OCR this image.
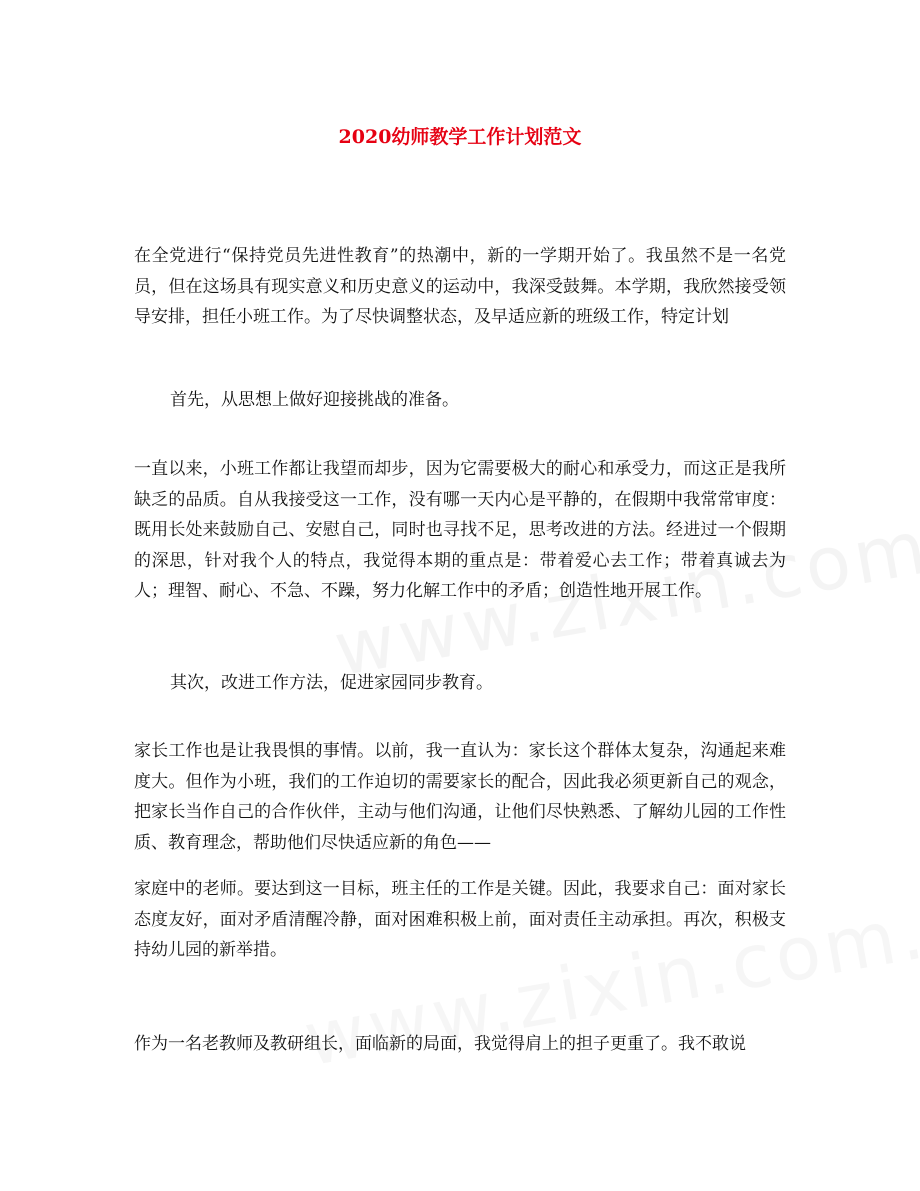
2020幼师教学工作计划范文

在全党进行“保持党员先进性教育”的热潮中，新的一学期开始了。我虽然不是一名党员，但在这场具有现实意义和历史意义的运动中，我深受鼓舞。本学期，我欣然接受领导安排，担任小班工作。为了尽快调整状态，及早适应新的班级工作，特定计划

首先，从思想上做好迎接挑战的准备。

一直以来，小班工作都让我望而却步，因为它需要极大的耐心和承受力，而这正是我所缺乏的品质。自从我接受这一工作，没有哪一天内心是平静的，在假期中我常常审度：既用长处来鼓励自己、安慰自己，同时也寻找不足，思考改进的方法。经进过一个假期的深思，针对我个人的特点，我觉得本期的重点是：带着爱心去工作；带着真诚去为人；理智、耐心、不急、不躁，努力化解工作中的矛盾；创造性地开展工作。

其次，改进工作方法，促进家园同步教育。

家长工作也是让我畏惧的事情。以前，我一直认为：家长这个群体太复杂，沟通起来难度大。但作为小班，我们的工作迫切的需要家长的配合，因此我必须更新自己的观念，把家长当作自己的合作伙伴，主动与他们沟通，让他们尽快熟悉、了解幼儿园的工作性质、教育理念，帮助他们尽快适应新的角色——

家庭中的老师。要达到这一目标，班主任的工作是关键。因此，我要求自己：面对家长态度友好，面对矛盾清醒冷静，面对困难积极上前，面对责任主动承担。再次，积极支持幼儿园的新举措。

作为一名老教师及教研组长，面临新的局面，我觉得肩上的担子更重了。我不敢说
